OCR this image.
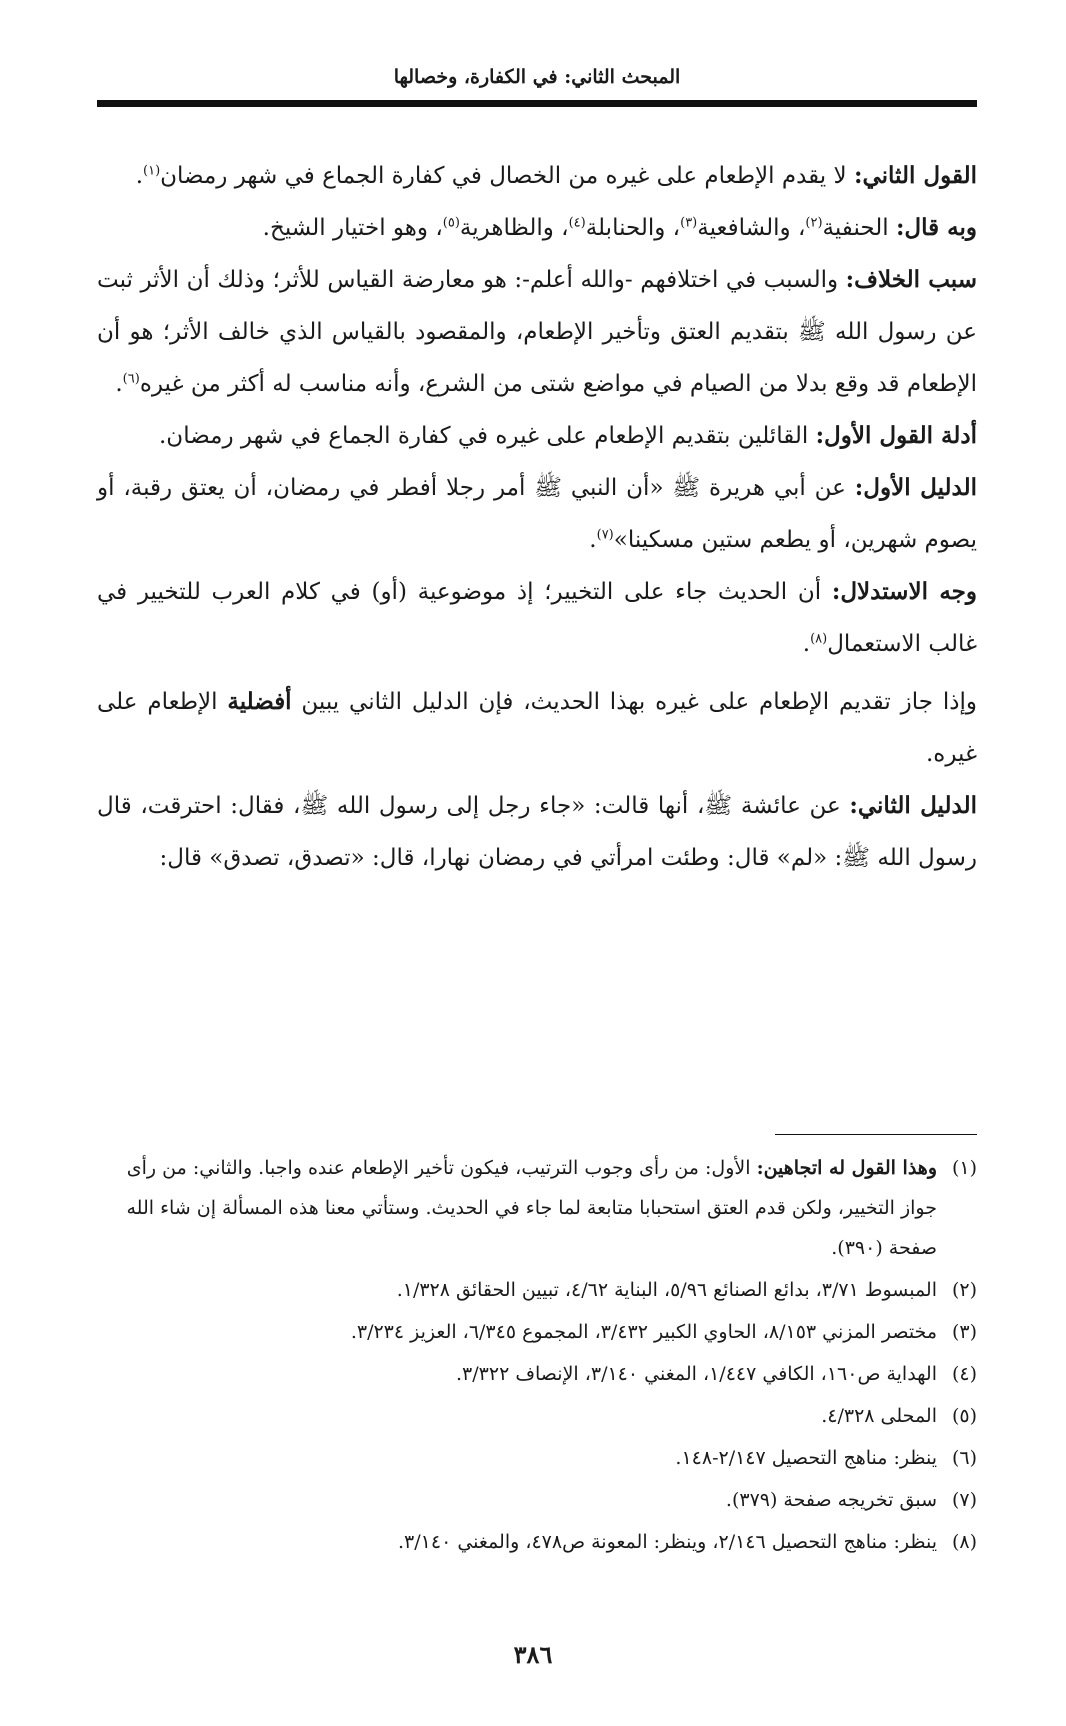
المبحث الثاني: في الكفارة، وخصالها

القول الثاني: لا يقدم الإطعام على غيره من الخصال في كفارة الجماع في شهر رمضان$^{(١)}$.

وبه قال: الحنفية$^{(٢)}$، والشافعية$^{(٣)}$، والحنابلة$^{(٤)}$، والظاهرية$^{(٥)}$، وهو اختيار الشيخ.

سبب الخلاف: والسبب في اختلافهم -والله أعلم-: هو معارضة القياس للأثر؛ وذلك أن الأثر ثبت عن رسول الله ﷺ بتقديم العتق وتأخير الإطعام، والمقصود بالقياس الذي خالف الأثر؛ هو أن الإطعام قد وقع بدلا من الصيام في مواضع شتى من الشرع، وأنه مناسب له أكثر من غيره$^{(٦)}$.

أدلة القول الأول: القائلين بتقديم الإطعام على غيره في كفارة الجماع في شهر رمضان.

الدليل الأول: عن أبي هريرة ﷺ «أن النبي ﷺ أمر رجلا أفطر في رمضان، أن يعتق رقبة، أو يصوم شهرين، أو يطعم ستين مسكينا»$^{(٧)}$.

وجه الاستدلال: أن الحديث جاء على التخيير؛ إذ موضوعية (أو) في كلام العرب للتخيير في غالب الاستعمال$^{(٨)}$.

وإذا جاز تقديم الإطعام على غيره بهذا الحديث، فإن الدليل الثاني يبين أفضلية الإطعام على غيره.

الدليل الثاني: عن عائشة ﷺ، أنها قالت: «جاء رجل إلى رسول الله ﷺ، فقال: احترقت، قال رسول الله ﷺ: «لم» قال: وطئت امرأتي في رمضان نهارا، قال: «تصدق، تصدق» قال:

(١)
وهذا القول له اتجاهين: الأول: من رأى وجوب الترتيب، فيكون تأخير الإطعام عنده واجبا. والثاني: من رأى جواز التخيير، ولكن قدم العتق استحبابا متابعة لما جاء في الحديث. وستأتي معنا هذه المسألة إن شاء الله صفحة (٣٩٠).

(٢)
المبسوط ٣/٧١، بدائع الصنائع ٥/٩٦، البناية ٤/٦٢، تبيين الحقائق ١/٣٢٨.

(٣)
مختصر المزني ٨/١٥٣، الحاوي الكبير ٣/٤٣٢، المجموع ٦/٣٤٥، العزيز ٣/٢٣٤.

(٤)
الهداية ص١٦٠، الكافي ١/٤٤٧، المغني ٣/١٤٠، الإنصاف ٣/٣٢٢.

(٥)
المحلى ٤/٣٢٨.

(٦)
ينظر: مناهج التحصيل ٢/١٤٧-١٤٨.

(٧)
سبق تخريجه صفحة (٣٧٩).

(٨)
ينظر: مناهج التحصيل ٢/١٤٦، وينظر: المعونة ص٤٧٨، والمغني ٣/١٤٠.

٣٨٦
